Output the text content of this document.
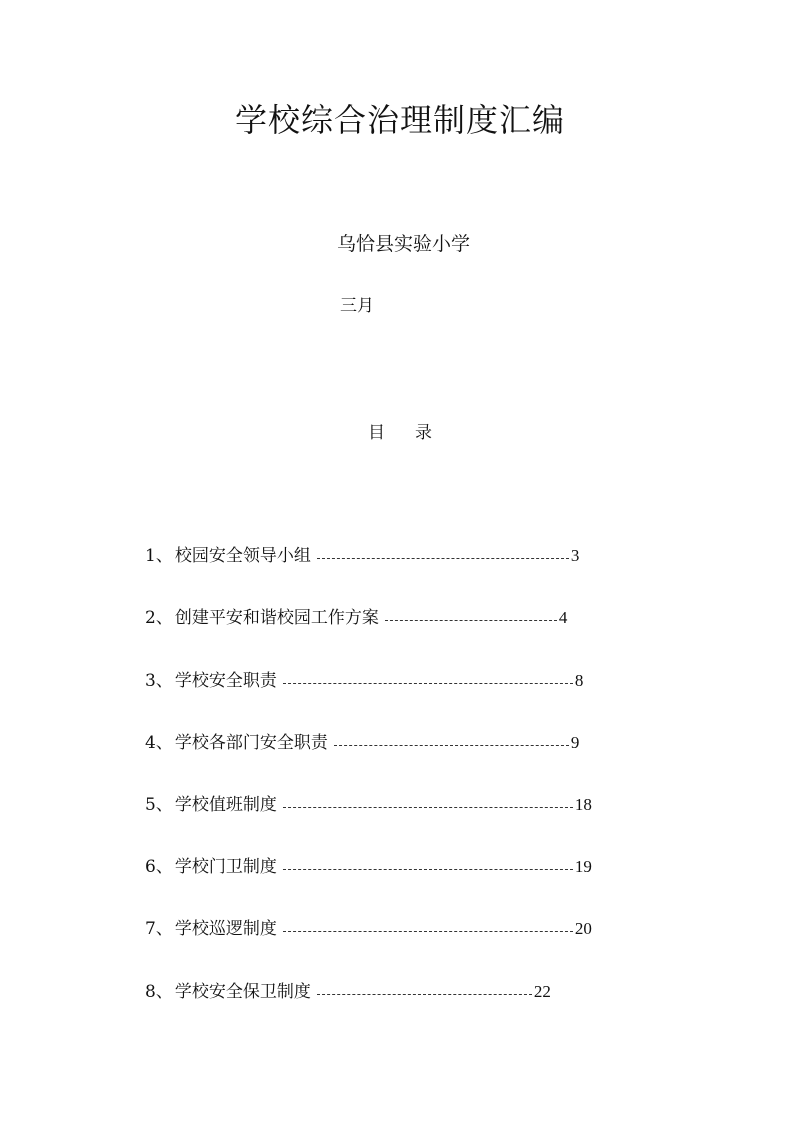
学校综合治理制度汇编
乌恰县实验小学
三月
目 录
1、 校园安全领导小组	3
2、 创建平安和谐校园工作方案	4
3、 学校安全职责	8
4、 学校各部门安全职责	9
5、 学校值班制度	18
6、 学校门卫制度	19
7、 学校巡逻制度	20
8、 学校安全保卫制度	22
